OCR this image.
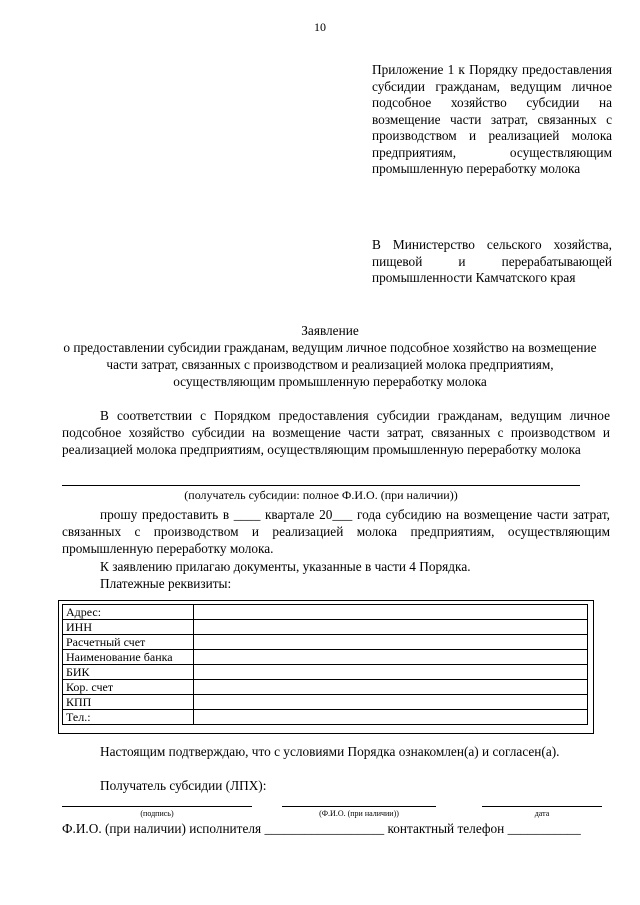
10
Приложение 1 к Порядку предоставления субсидии гражданам, ведущим личное подсобное хозяйство субсидии на возмещение части затрат, связанных с производством и реализацией молока предприятиям, осуществляющим промышленную переработку молока
В Министерство сельского хозяйства, пищевой и перерабатывающей промышленности Камчатского края
Заявление
о предоставлении субсидии гражданам, ведущим личное подсобное хозяйство на возмещение части затрат, связанных с производством и реализацией молока предприятиям, осуществляющим промышленную переработку молока
В соответствии с Порядком предоставления субсидии гражданам, ведущим личное подсобное хозяйство субсидии на возмещение части затрат, связанных с производством и реализацией молока предприятиям, осуществляющим промышленную переработку молока
(получатель субсидии: полное Ф.И.О. (при наличии))
прошу предоставить в ____ квартале 20___ года субсидию на возмещение части затрат, связанных с производством и реализацией молока предприятиям, осуществляющим промышленную переработку молока.
К заявлению прилагаю документы, указанные в части 4 Порядка.
Платежные реквизиты:
Адрес:	
ИНН	
Расчетный счет	
Наименование банка	
БИК	
Кор. счет	
КПП	
Тел.:	
Настоящим подтверждаю, что с условиями Порядка ознакомлен(а) и согласен(а).
Получатель субсидии (ЛПХ):
(подпись)	(Ф.И.О. (при наличии))	дата
Ф.И.О. (при наличии) исполнителя __________________ контактный телефон ___________
